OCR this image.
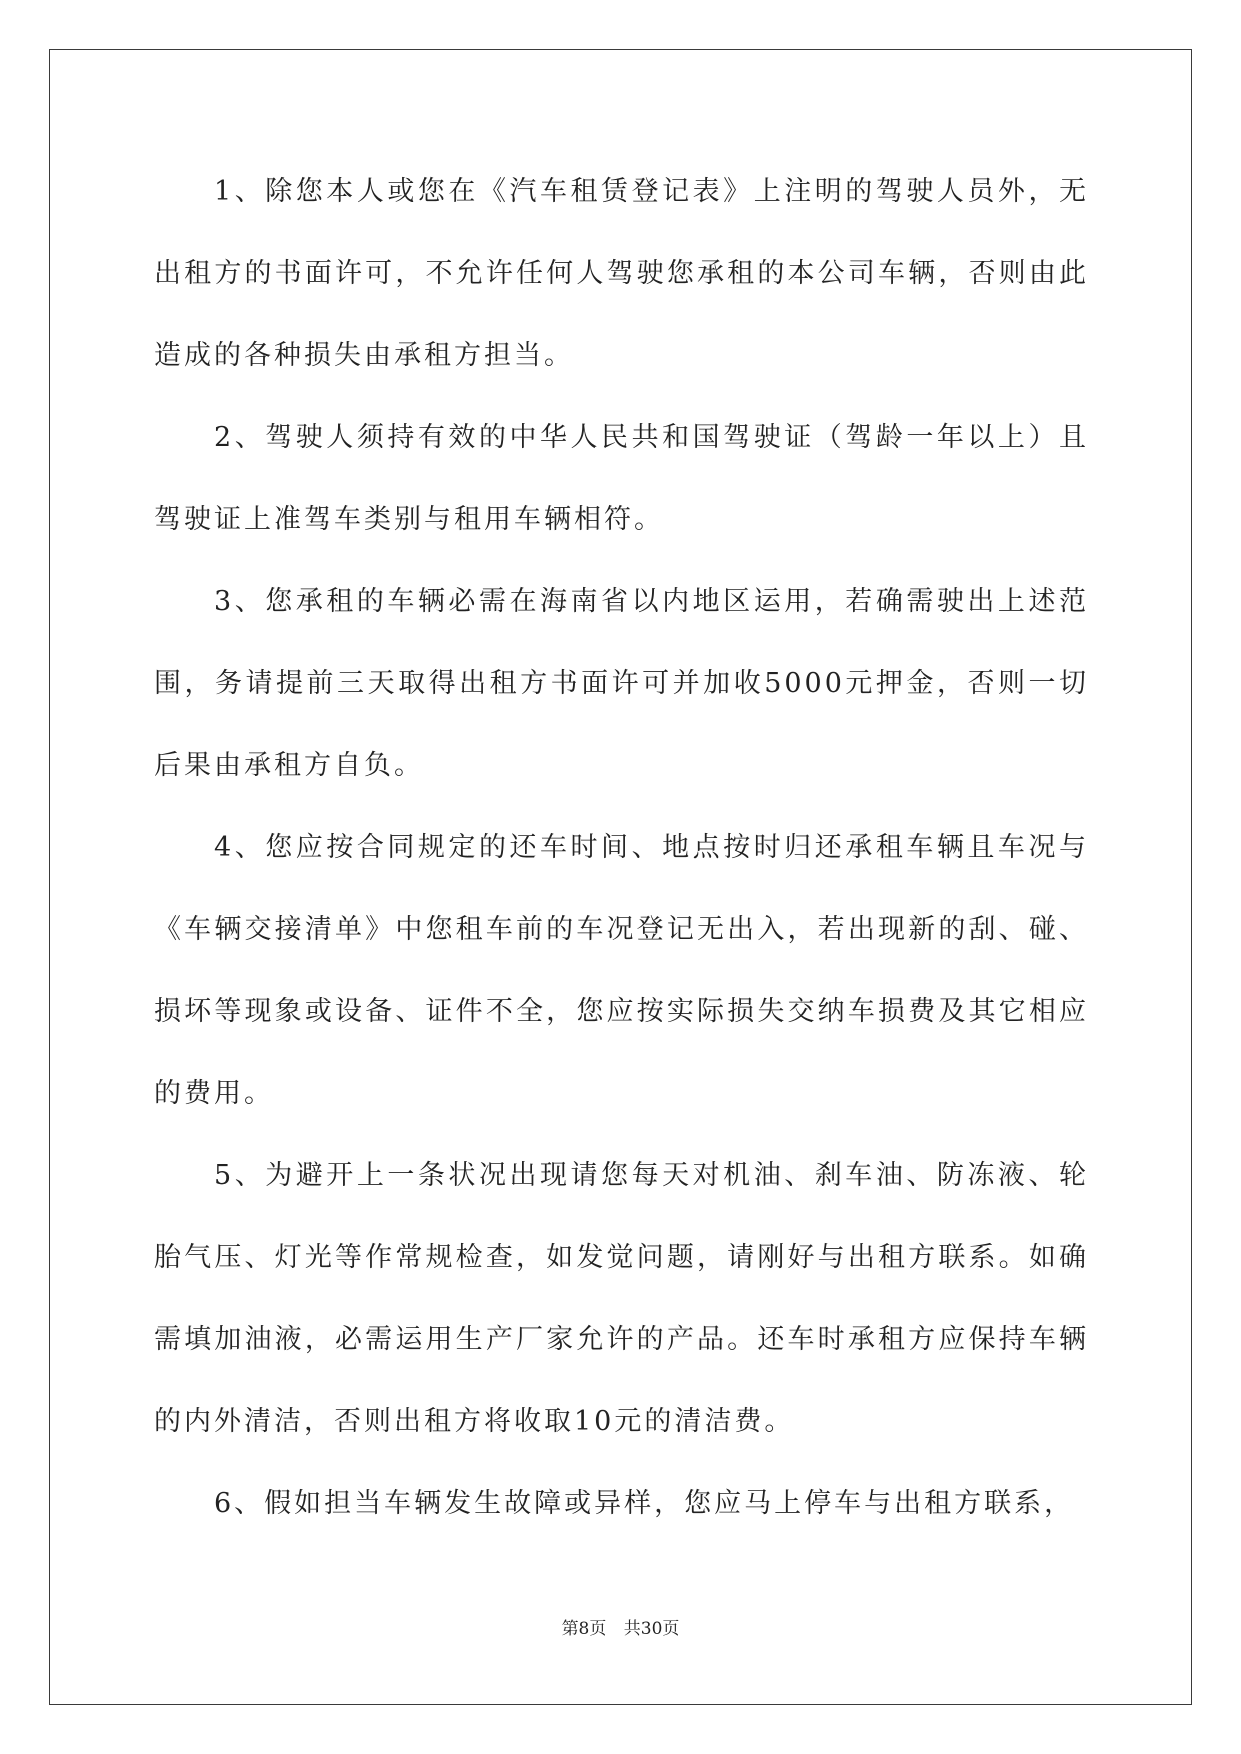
1、除您本人或您在《汽车租赁登记表》上注明的驾驶人员外，无出租方的书面许可，不允许任何人驾驶您承租的本公司车辆，否则由此造成的各种损失由承租方担当。

2、驾驶人须持有效的中华人民共和国驾驶证（驾龄一年以上）且驾驶证上准驾车类别与租用车辆相符。

3、您承租的车辆必需在海南省以内地区运用，若确需驶出上述范围，务请提前三天取得出租方书面许可并加收5000元押金，否则一切后果由承租方自负。

4、您应按合同规定的还车时间、地点按时归还承租车辆且车况与《车辆交接清单》中您租车前的车况登记无出入，若出现新的刮、碰、损坏等现象或设备、证件不全，您应按实际损失交纳车损费及其它相应的费用。

5、为避开上一条状况出现请您每天对机油、刹车油、防冻液、轮胎气压、灯光等作常规检查，如发觉问题，请刚好与出租方联系。如确需填加油液，必需运用生产厂家允许的产品。还车时承租方应保持车辆的内外清洁，否则出租方将收取10元的清洁费。

6、假如担当车辆发生故障或异样，您应马上停车与出租方联系，

第8页 共30页
